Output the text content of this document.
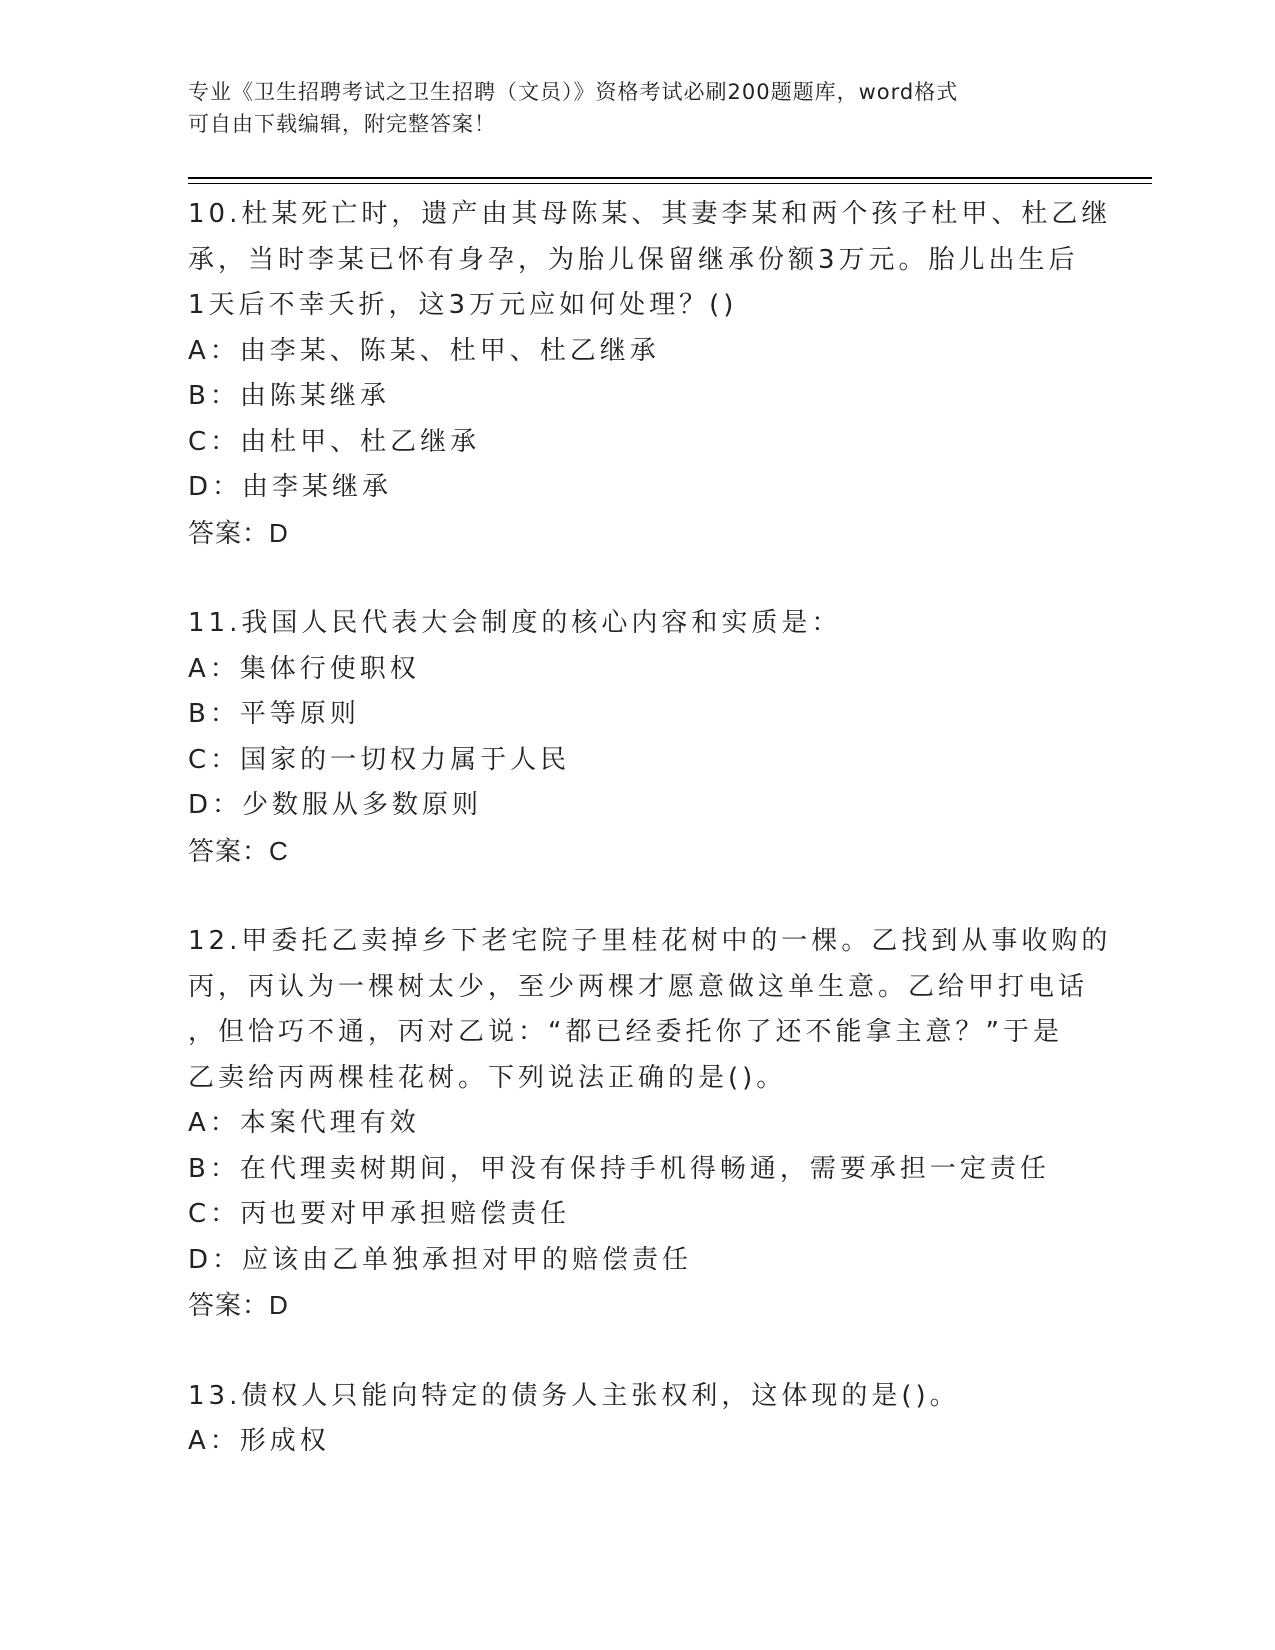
专业《卫生招聘考试之卫生招聘（文员）》资格考试必刷200题题库，word格式
可自由下载编辑，附完整答案！
10.杜某死亡时，遗产由其母陈某、其妻李某和两个孩子杜甲、杜乙继
承，当时李某已怀有身孕，为胎儿保留继承份额3万元。胎儿出生后
1天后不幸夭折，这3万元应如何处理？()
A：由李某、陈某、杜甲、杜乙继承
B：由陈某继承
C：由杜甲、杜乙继承
D：由李某继承
答案：D
11.我国人民代表大会制度的核心内容和实质是：
A：集体行使职权
B：平等原则
C：国家的一切权力属于人民
D：少数服从多数原则
答案：C
12.甲委托乙卖掉乡下老宅院子里桂花树中的一棵。乙找到从事收购的
丙，丙认为一棵树太少，至少两棵才愿意做这单生意。乙给甲打电话
，但恰巧不通，丙对乙说：“都已经委托你了还不能拿主意？”于是
乙卖给丙两棵桂花树。下列说法正确的是()。
A：本案代理有效
B：在代理卖树期间，甲没有保持手机得畅通，需要承担一定责任
C：丙也要对甲承担赔偿责任
D：应该由乙单独承担对甲的赔偿责任
答案：D
13.债权人只能向特定的债务人主张权利，这体现的是()。
A：形成权
